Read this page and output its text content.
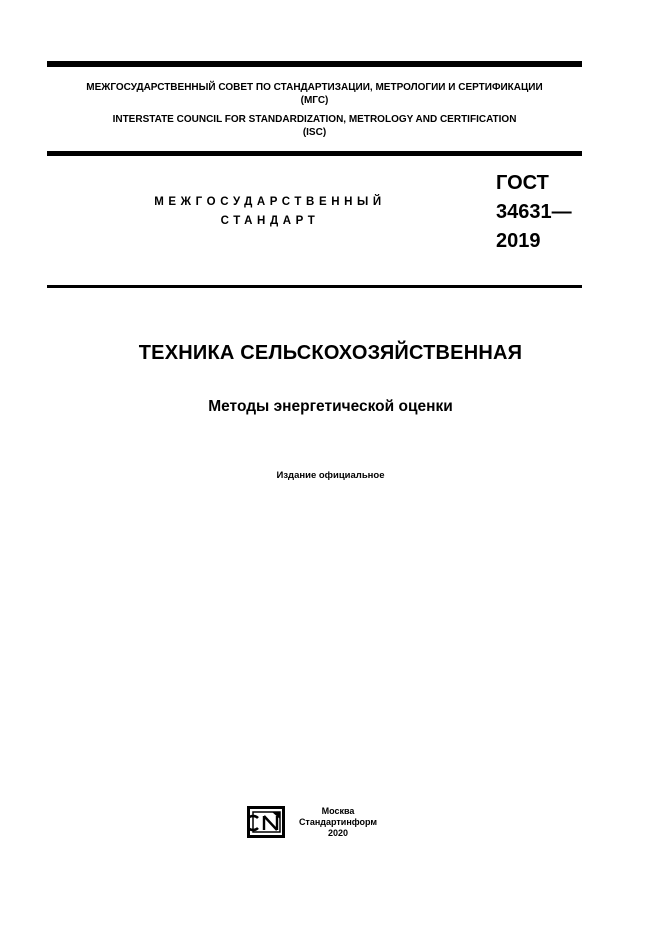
МЕЖГОСУДАРСТВЕННЫЙ СОВЕТ ПО СТАНДАРТИЗАЦИИ, МЕТРОЛОГИИ И СЕРТИФИКАЦИИ
(МГС)
INTERSTATE COUNCIL FOR STANDARDIZATION, METROLOGY AND CERTIFICATION
(ISC)
МЕЖГОСУДАРСТВЕННЫЙ
СТАНДАРТ
ГОСТ
34631—
2019
ТЕХНИКА СЕЛЬСКОХОЗЯЙСТВЕННАЯ
Методы энергетической оценки
Издание официальное
Москва
Стандартинформ
2020
